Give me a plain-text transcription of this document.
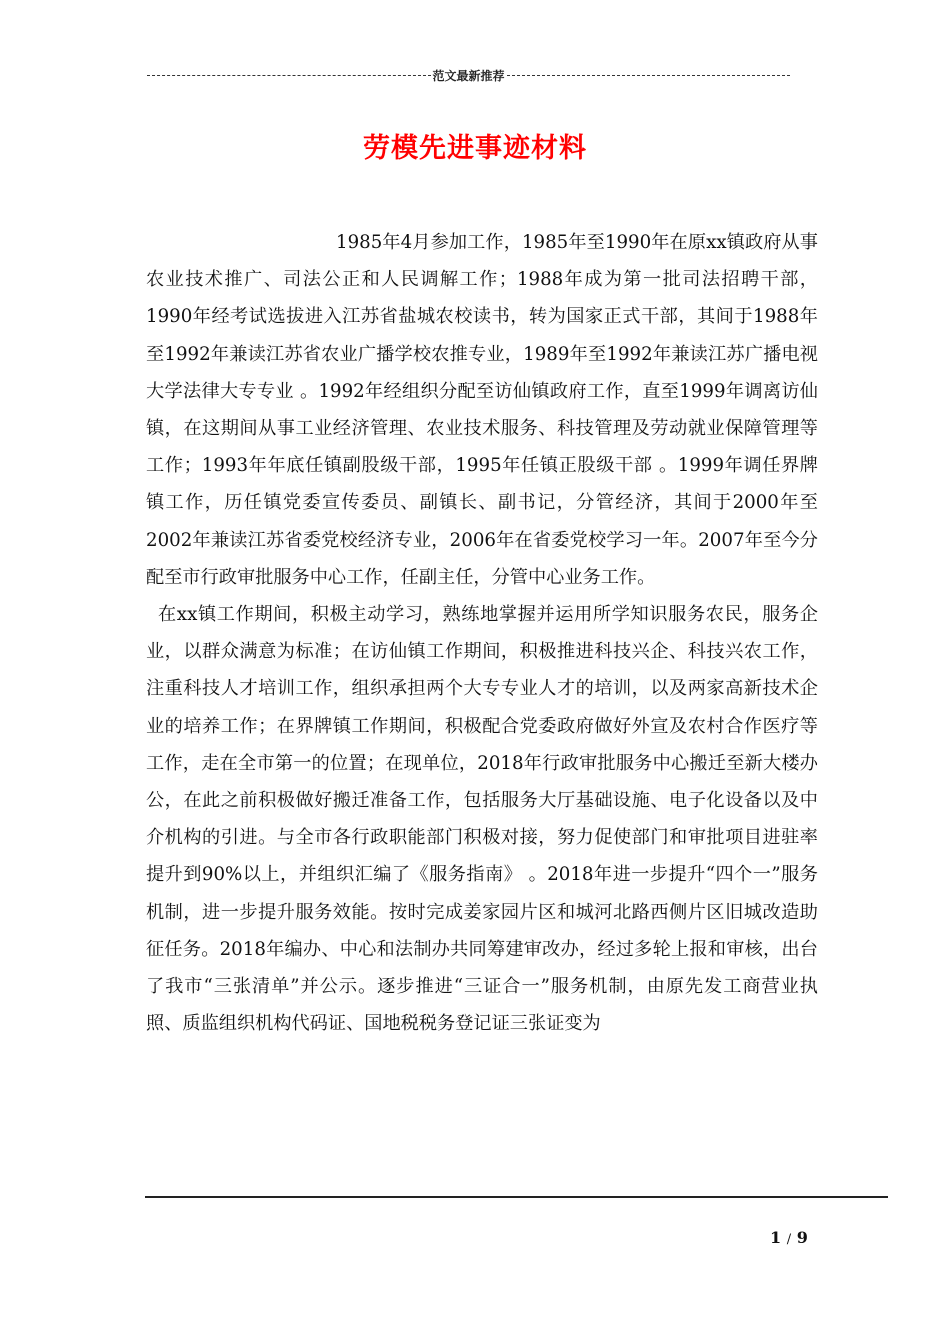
范文最新推荐
劳模先进事迹材料

1985年4月参加工作，1985年至1990年在原xx镇政府从事农业技术推广、司法公正和人民调解工作；1988年成为第一批司法招聘干部，1990年经考试选拔进入江苏省盐城农校读书，转为国家正式干部，其间于1988年至1992年兼读江苏省农业广播学校农推专业，1989年至1992年兼读江苏广播电视大学法律大专专业 。1992年经组织分配至访仙镇政府工作，直至1999年调离访仙镇，在这期间从事工业经济管理、农业技术服务、科技管理及劳动就业保障管理等工作；1993年年底任镇副股级干部，1995年任镇正股级干部 。1999年调任界牌镇工作，历任镇党委宣传委员、副镇长、副书记，分管经济，其间于2000年至2002年兼读江苏省委党校经济专业，2006年在省委党校学习一年。2007年至今分配至市行政审批服务中心工作，任副主任，分管中心业务工作。

在xx镇工作期间，积极主动学习，熟练地掌握并运用所学知识服务农民，服务企业，以群众满意为标准；在访仙镇工作期间，积极推进科技兴企、科技兴农工作，注重科技人才培训工作，组织承担两个大专专业人才的培训，以及两家高新技术企业的培养工作；在界牌镇工作期间，积极配合党委政府做好外宣及农村合作医疗等工作，走在全市第一的位置；在现单位，2018年行政审批服务中心搬迁至新大楼办公，在此之前积极做好搬迁准备工作，包括服务大厅基础设施、电子化设备以及中介机构的引进。与全市各行政职能部门积极对接，努力促使部门和审批项目进驻率提升到90%以上，并组织汇编了《服务指南》 。2018年进一步提升“四个一”服务机制，进一步提升服务效能。按时完成姜家园片区和城河北路西侧片区旧城改造助征任务。2018年编办、中心和法制办共同筹建审改办，经过多轮上报和审核，出台了我市“三张清单”并公示。逐步推进“三证合一”服务机制，由原先发工商营业执照、质监组织机构代码证、国地税税务登记证三张证变为

1 / 9
